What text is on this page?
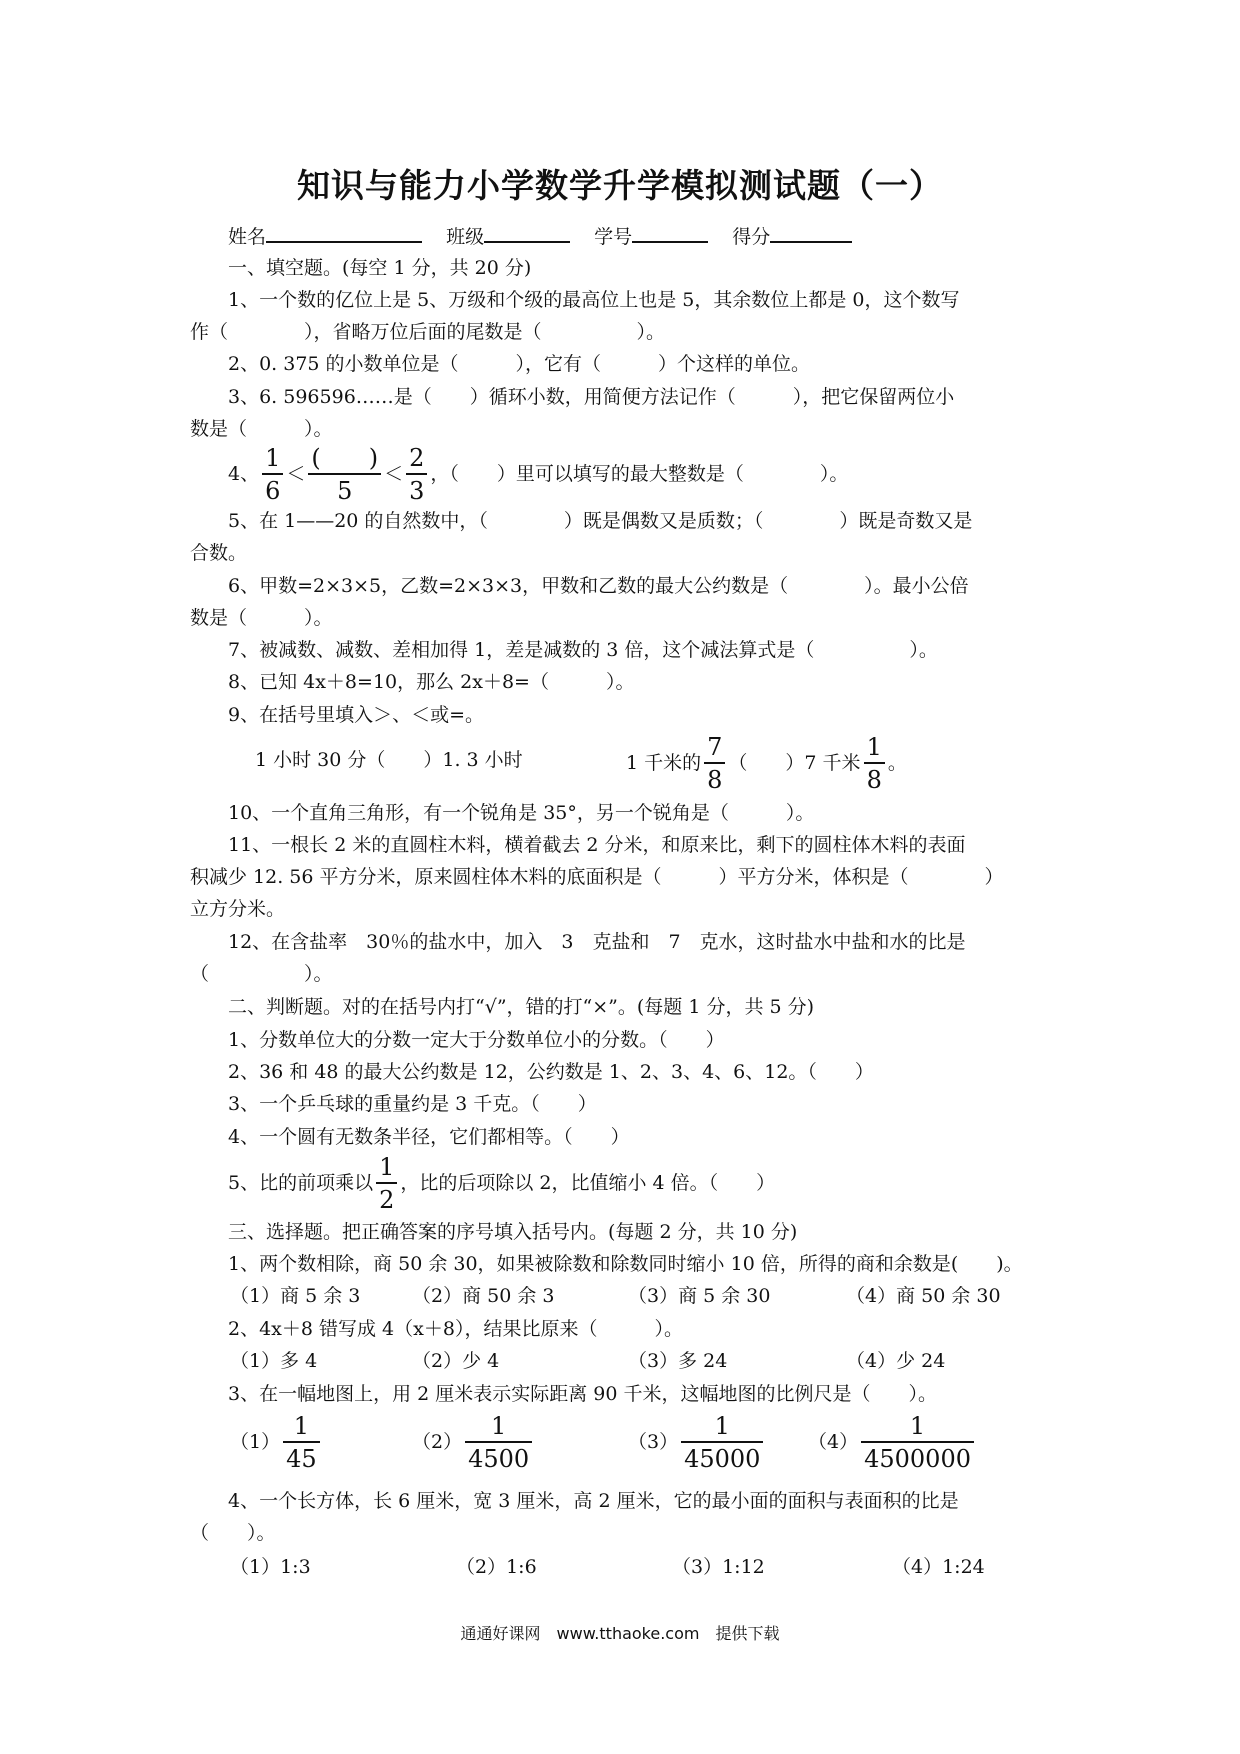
知识与能力小学数学升学模拟测试题（一）
姓名	班级	学号	得分
一、填空题。(每空 1 分，共 20 分)
1、一个数的亿位上是 5、万级和个级的最高位上也是 5，其余数位上都是 0，这个数写
作（　　　　），省略万位后面的尾数是（　　　　　）。
2、0. 375 的小数单位是（　　　），它有（　　　）个这样的单位。
3、6. 596596……是（　　）循环小数，用简便方法记作（　　　），把它保留两位小
数是（　　　）。
4、 $\frac{1}{6} < \frac{( )}{5} < \frac{2}{3}$ ，（　　）里可以填写的最大整数是（　　　　）。
5、在 1——20 的自然数中，（　　　　）既是偶数又是质数；（　　　　）既是奇数又是
合数。
6、甲数=2×3×5，乙数=2×3×3，甲数和乙数的最大公约数是（　　　　）。最小公倍
数是（　　　）。
7、被减数、减数、差相加得 1，差是减数的 3 倍，这个减法算式是（　　　　　）。
8、已知 4x＋8=10，那么 2x＋8=（　　　）。
9、在括号里填入＞、＜或=。
1 小时 30 分（　　）1. 3 小时	1 千米的 $\frac{7}{8}$ （　　）7 千米 $\frac{1}{8}$ 。
10、一个直角三角形，有一个锐角是 35°，另一个锐角是（　　　）。
11、一根长 2 米的直圆柱木料，横着截去 2 分米，和原来比，剩下的圆柱体木料的表面
积减少 12. 56 平方分米，原来圆柱体木料的底面积是（　　　）平方分米，体积是（　　　　）
立方分米。
12、在含盐率　30％的盐水中，加入　3　克盐和　7　克水，这时盐水中盐和水的比是
（　　　　　）。
二、判断题。对的在括号内打“√”，错的打“×”。(每题 1 分，共 5 分)
1、分数单位大的分数一定大于分数单位小的分数。（　　）
2、36 和 48 的最大公约数是 12，公约数是 1、2、3、4、6、12。（　　）
3、一个乒乓球的重量约是 3 千克。（　　）
4、一个圆有无数条半径，它们都相等。（　　）
5、比的前项乘以 $\frac{1}{2}$ ，比的后项除以 2，比值缩小 4 倍。（　　）
三、选择题。把正确答案的序号填入括号内。(每题 2 分，共 10 分)
1、两个数相除，商 50 余 30，如果被除数和除数同时缩小 10 倍，所得的商和余数是(　　)。
（1）商 5 余 3	（2）商 50 余 3	（3）商 5 余 30	（4）商 50 余 30
2、4x＋8 错写成 4（x＋8），结果比原来（　　　）。
（1）多 4	（2）少 4	（3）多 24	（4）少 24
3、在一幅地图上，用 2 厘米表示实际距离 90 千米，这幅地图的比例尺是（　　）。
$(1) \frac{1}{45}$	$(2) \frac{1}{4500}$	$(3) \frac{1}{45000} (4) \frac{1}{4500000}$
4、一个长方体，长 6 厘米，宽 3 厘米，高 2 厘米，它的最小面的面积与表面积的比是
（　　）。
（1）1:3	（2）1:6	（3）1:12	（4）1:24
通通好课网　www.tthaoke.com　提供下载
